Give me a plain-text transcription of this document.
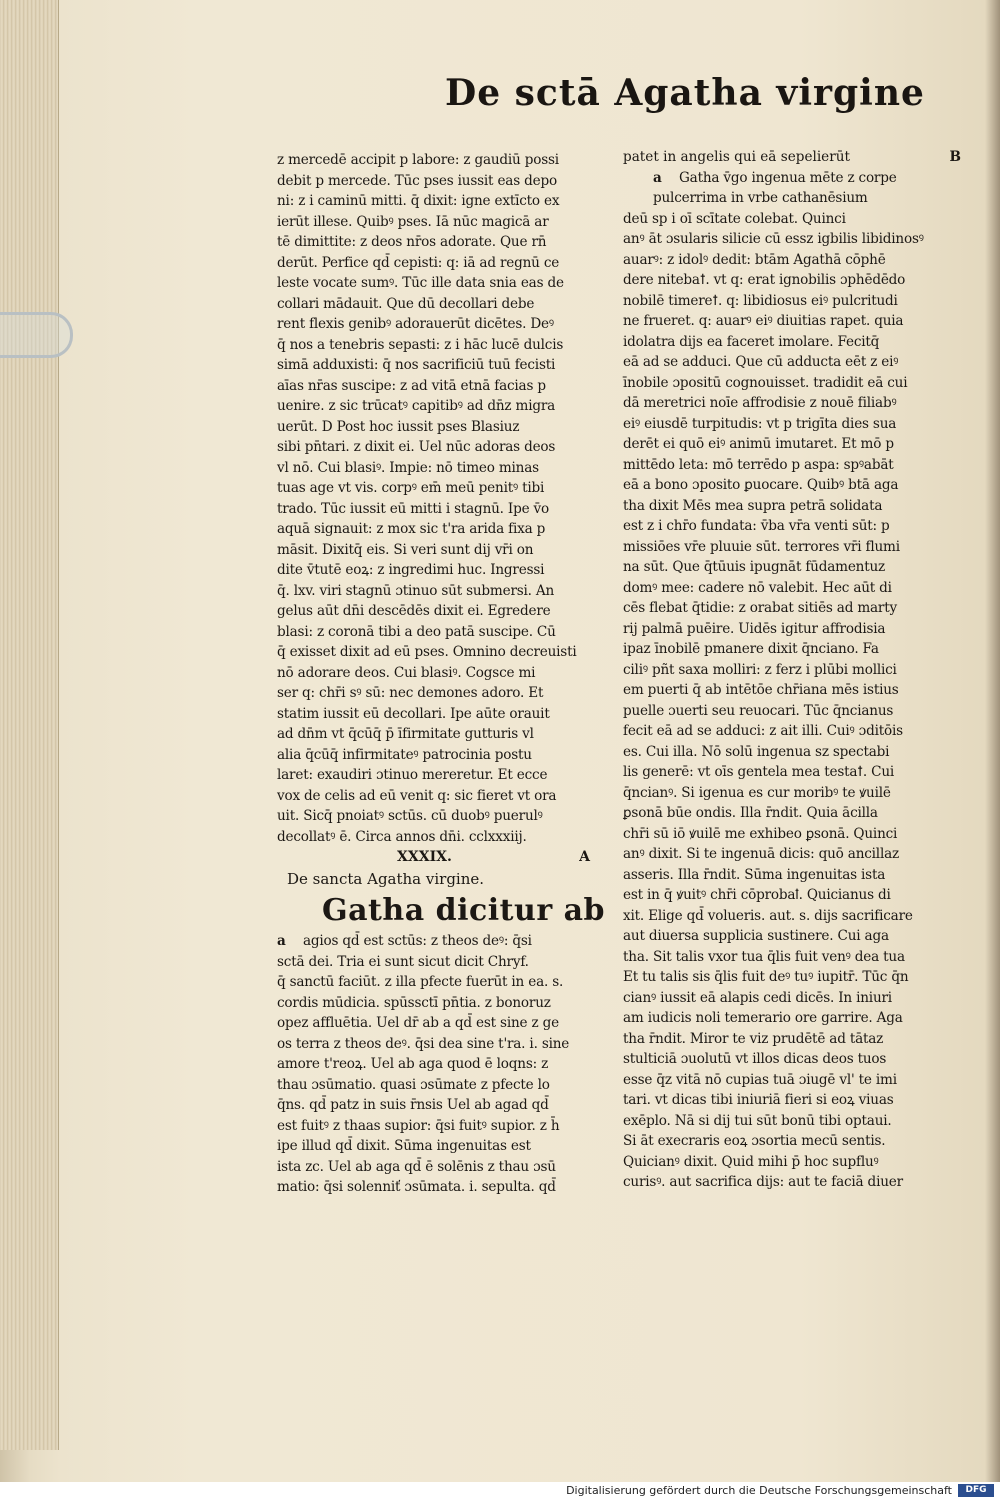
De sctā Agatha virgine
z mercedē accipit p labore: z gaudiū possi
debit p mercede. Tūc pses iussit eas depo
ni: z i caminū mitti. q̄ dixit: igne extīcto ex
ierūt illese. Quibꝰ pses. Iā nūc magicā ar
tē dimittite: z deos nr̄os adorate. Que rn̄
derūt. Perfice qd̄ cepisti: q: iā ad regnū ce
leste vocate sumꝰ. Tūc ille data snia eas de
collari mādauit. Que dū decollari debe
rent flexis genibꝰ adorauerūt dicētes. Deꝰ
q̄ nos a tenebris sepasti: z i hāc lucē dulcis
simā adduxisti: q̄ nos sacrificiū tuū fecisti
aīas nr̄as suscipe: z ad vitā etnā facias p
uenire. z sic trūcatꝰ capitibꝰ ad dn̄z migra
uerūt. D Post hoc iussit pses Blasiuz
sibi pn̄tari. z dixit ei. Uel nūc adoras deos
vl nō. Cui blasiꝰ. Impie: nō timeo minas
tuas age vt vis. corpꝰ em̄ meū penitꝰ tibi
trado. Tūc iussit eū mitti i stagnū. Ipe v̄o
aquā signauit: z mox sic t'ra arida fixa p
māsit. Dixitq̄ eis. Si veri sunt dij vr̄i on
dite v̄tutē eoꝝ: z ingredimi huc. Ingressi
q̄. lxv. viri stagnū ɔtinuo sūt submersi. An
gelus aūt dn̄i descēdēs dixit ei. Egredere
blasi: z coronā tibi a deo patā suscipe. Cū
q̄ exisset dixit ad eū pses. Omnino decreuisti
nō adorare deos. Cui blasiꝰ. Cogsce mi
ser q: chr̄i sꝰ sū: nec demones adoro. Et
statim iussit eū decollari. Ipe aūte orauit
ad dn̄m vt q̄cūq̄ p̄ īfirmitate gutturis vl
alia q̄cūq̄ infirmitateꝰ patrocinia postu
laret: exaudiri ɔtinuo mereretur. Et ecce
vox de celis ad eū venit q: sic fieret vt ora
uit. Sicq̄ pnoiatꝰ sctūs. cū duobꝰ puerulꝰ
decollatꝰ ē. Circa annos dn̄i. cclxxxiij.
XXXIX.	A
De sancta Agatha virgine.
Gatha dicitur ab
a agios qd̄ est sctūs: z theos deꝰ: q̄si
sctā dei. Tria ei sunt sicut dicit Chryf.
q̄ sanctū faciūt. z illa pfecte fuerūt in ea. s.
cordis mūdicia. spūssctī pn̄tia. z bonoruz
opez affluētia. Uel dr̄ ab a qd̄ est sine z ge
os terra z theos deꝰ. q̄si dea sine t'ra. i. sine
amore t'reoꝝ. Uel ab aga quod ē loqns: z
thau ɔsūmatio. quasi ɔsūmate z pfecte lo
q̄ns. qd̄ patz in suis r̄nsis Uel ab agad qd̄
est fuitꝰ z thaas supior: q̄si fuitꝰ supior. z h̄
ipe illud qd̄ dixit. Sūma ingenuitas est
ista zc. Uel ab aga qd̄ ē solēnis z thau ɔsū
matio: q̄si solenniť ɔsūmata. i. sepulta. qd̄
patet in angelis qui eā sepelierūt	B
a Gatha v̄go ingenua mēte z corpe
pulcerrima in vrbe cathanēsium
deū sp i oī scītate colebat. Quinci
anꝰ āt ɔsularis silicie cū essz igbilis libidinosꝰ
auarꝰ: z idolꝰ dedit: btām Agathā cōphē
dere nitebaꝉ. vt q: erat ignobilis ɔphēdēdo
nobilē timereꝉ. q: libidiosus eiꝰ pulcritudi
ne frueret. q: auarꝰ eiꝰ diuitias rapet. quia
idolatra dijs ea faceret imolare. Fecitq̄
eā ad se adduci. Que cū adducta eēt z eiꝰ
īnobile ɔpositū cognouisset. tradidit eā cui
dā meretrici noīe affrodisie z nouē filiabꝰ
eiꝰ eiusdē turpitudis: vt p trigīta dies sua
derēt ei quō eiꝰ animū imutaret. Et mō p
mittēdo leta: mō terrēdo p aspa: spꝰabāt
eā a bono ɔposito ꝑuocare. Quibꝰ btā aga
tha dixit Mēs mea supra petrā solidata
est z i chr̄o fundata: v̄ba vr̄a venti sūt: p
missiōes vr̄e pluuie sūt. terrores vr̄i flumi
na sūt. Que q̄tūuis ipugnāt fūdamentuz
domꝰ mee: cadere nō valebit. Hec aūt di
cēs flebat q̄tidie: z orabat sitiēs ad marty
rij palmā puēire. Uidēs igitur affrodisia
ipaz īnobilē pmanere dixit q̄nciano. Fa
ciliꝰ pñt saxa molliri: z ferz i plūbi mollici
em puerti q̄ ab intētōe chr̄iana mēs istius
puelle ɔuerti seu reuocari. Tūc q̄ncianus
fecit eā ad se adduci: z ait illi. Cuiꝰ ɔditōis
es. Cui illa. Nō solū ingenua sz spectabi
lis generē: vt oīs gentela mea testaꝉ. Cui
q̄ncianꝰ. Si igenua es cur moribꝰ te ꝟuilē
ꝑsonā būe ondis. Illa r̄ndit. Quia ācilla
chr̄i sū iō ꝟuilē me exhibeo ꝑsonā. Quinci
anꝰ dixit. Si te ingenuā dicis: quō ancillaz
asseris. Illa r̄ndit. Sūma ingenuitas ista
est in q̄ ꝟuitꝰ chr̄i cōprobaꝉ. Quicianus di
xit. Elige qd̄ volueris. aut. s. dijs sacrificare
aut diuersa supplicia sustinere. Cui aga
tha. Sit talis vxor tua q̄lis fuit venꝰ dea tua
Et tu talis sis q̄lis fuit deꝰ tuꝰ iupitr̄. Tūc q̄n
cianꝰ iussit eā alapis cedi dicēs. In iniuri
am iudicis noli temerario ore garrire. Aga
tha r̄ndit. Miror te viz prudētē ad tātaz
stulticiā ɔuolutū vt illos dicas deos tuos
esse q̄z vitā nō cupias tuā ɔiugē vl' te imi
tari. vt dicas tibi iniuriā fieri si eoꝝ viuas
exēplo. Nā si dij tui sūt bonū tibi optaui.
Si āt execraris eoꝝ ɔsortia mecū sentis.
Quicianꝰ dixit. Quid mihi p̄ hoc supfluꝰ
curisꝰ. aut sacrifica dijs: aut te faciā diuer
Digitalisierung gefördert durch die Deutsche Forschungsgemeinschaft	DFG
